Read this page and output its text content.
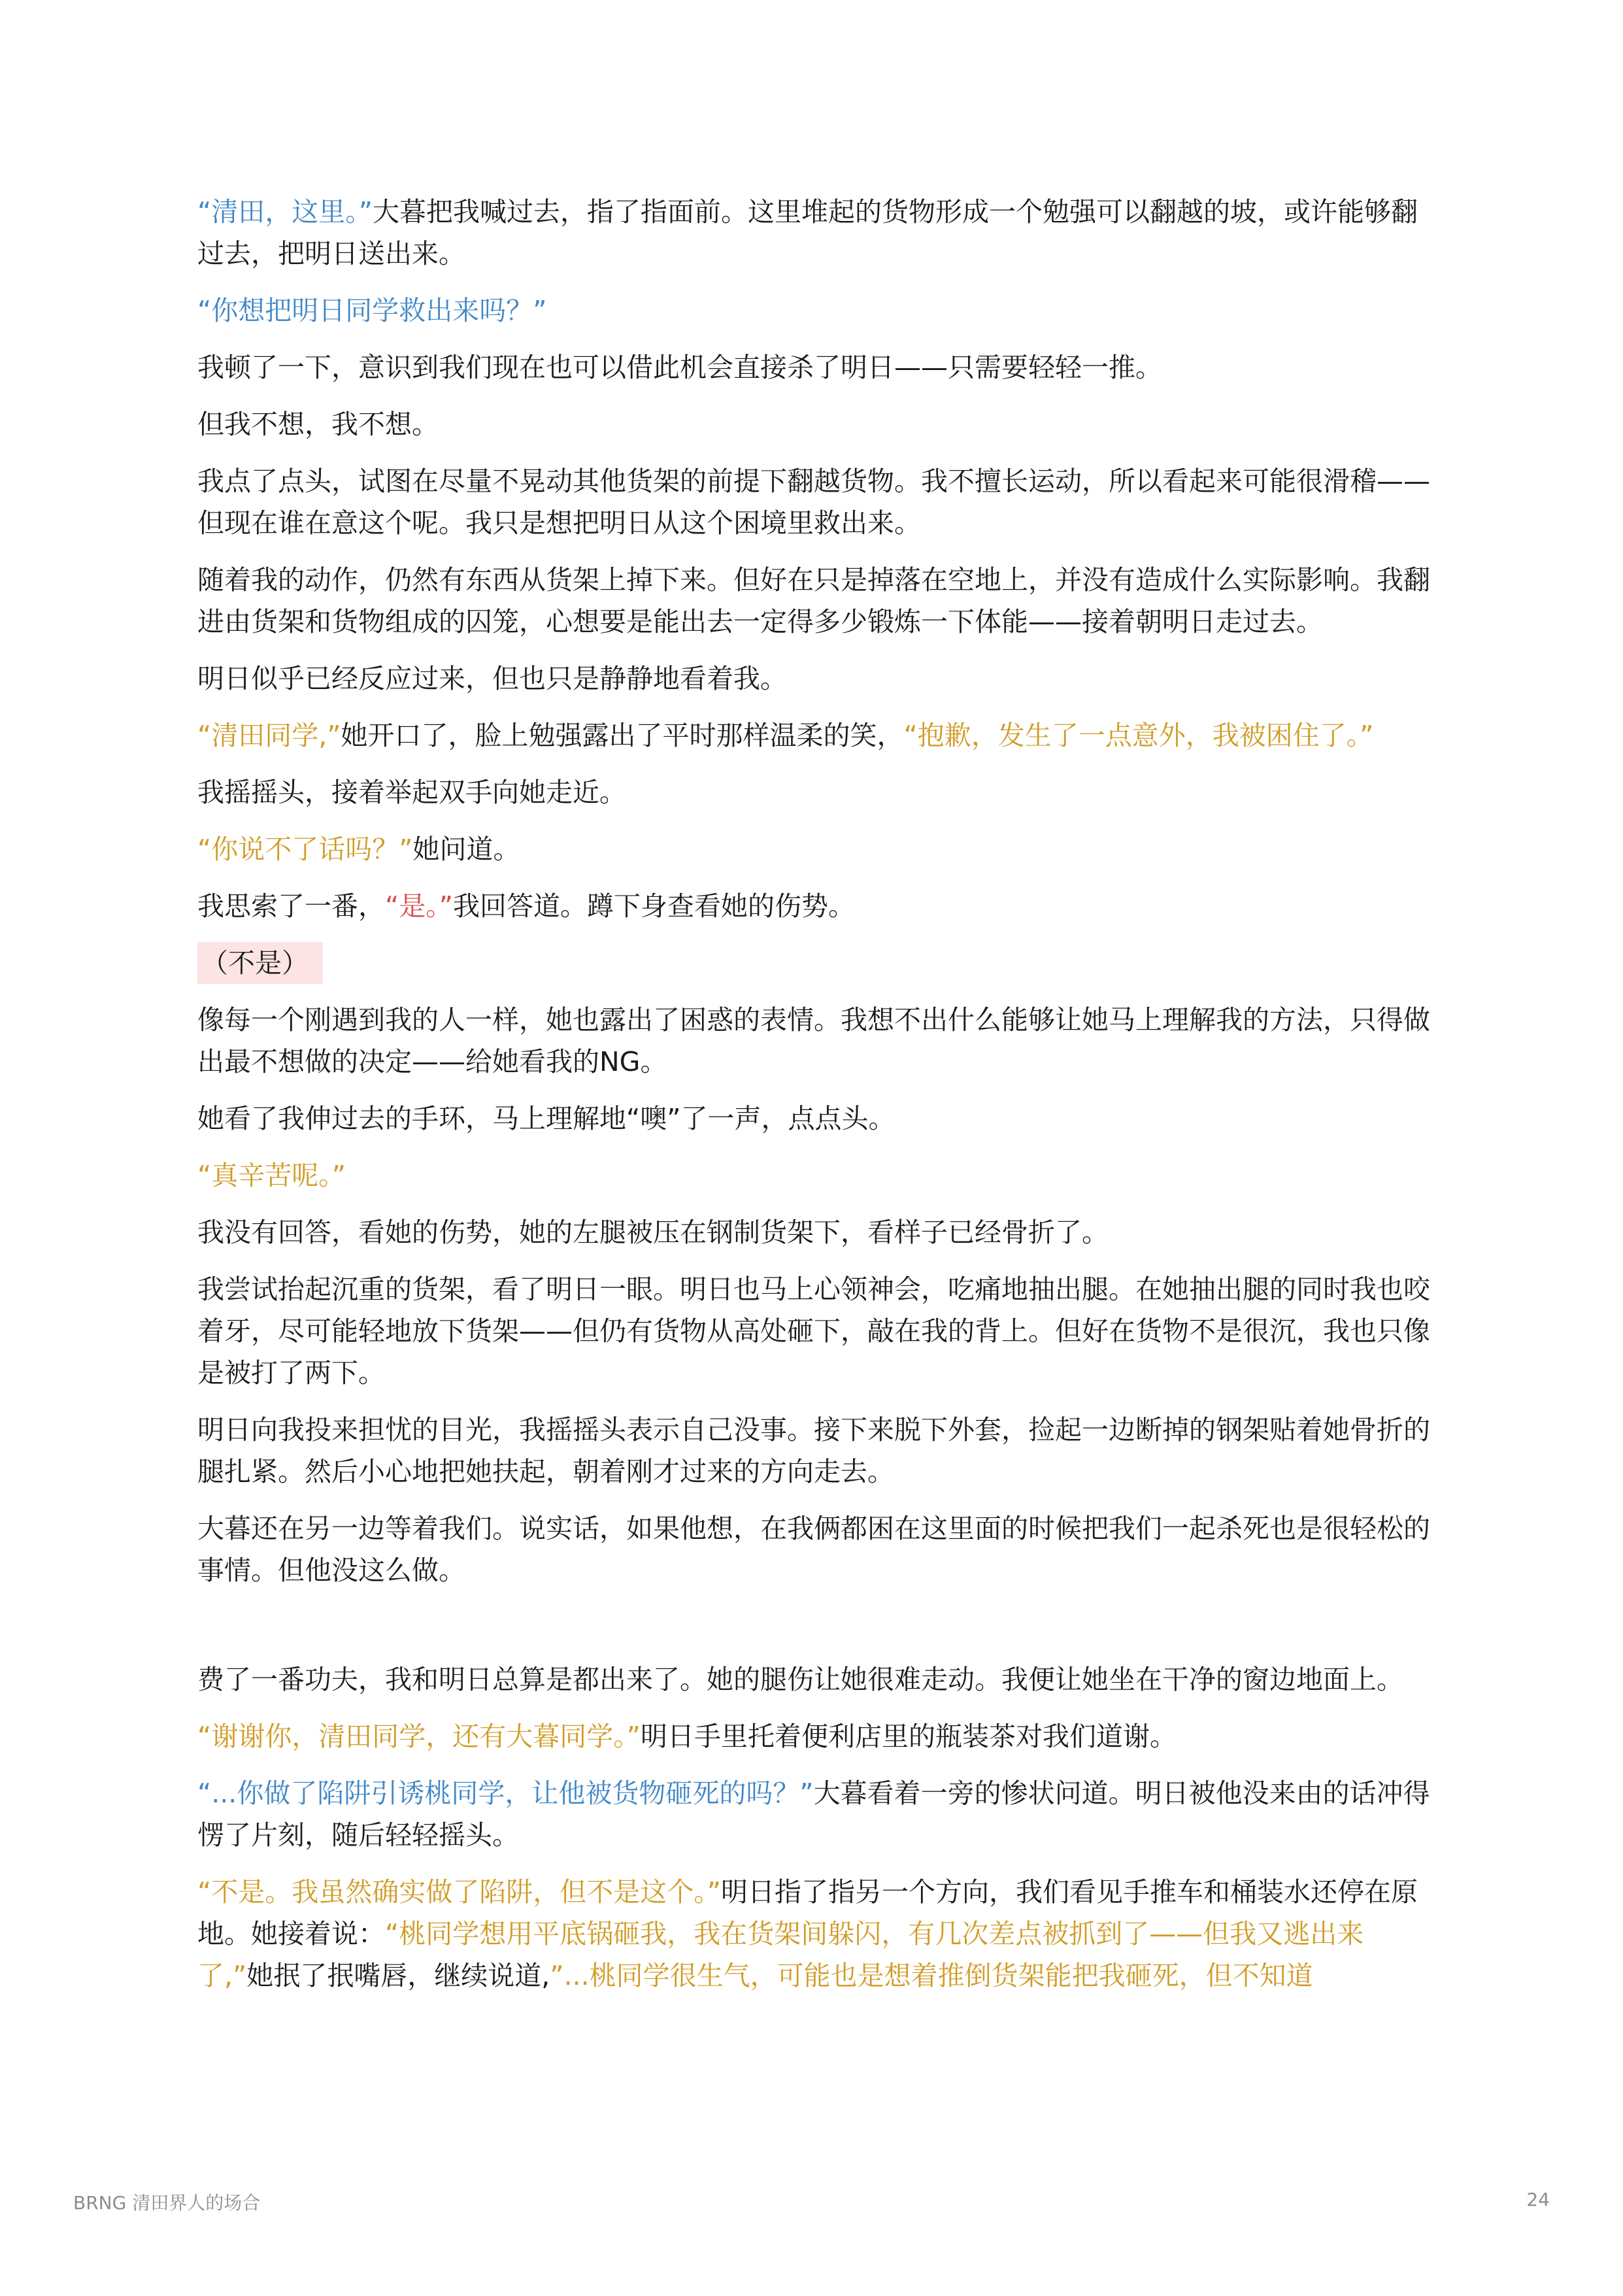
“清田，这里。”大暮把我喊过去，指了指面前。这里堆起的货物形成一个勉强可以翻越的坡，或许能够翻过去，把明日送出来。

“你想把明日同学救出来吗？”

我顿了一下，意识到我们现在也可以借此机会直接杀了明日——只需要轻轻一推。

但我不想，我不想。

我点了点头，试图在尽量不晃动其他货架的前提下翻越货物。我不擅长运动，所以看起来可能很滑稽——但现在谁在意这个呢。我只是想把明日从这个困境里救出来。

随着我的动作，仍然有东西从货架上掉下来。但好在只是掉落在空地上，并没有造成什么实际影响。我翻进由货架和货物组成的囚笼，心想要是能出去一定得多少锻炼一下体能——接着朝明日走过去。

明日似乎已经反应过来，但也只是静静地看着我。

“清田同学,”她开口了，脸上勉强露出了平时那样温柔的笑，“抱歉，发生了一点意外，我被困住了。”

我摇摇头，接着举起双手向她走近。

“你说不了话吗？”她问道。

我思索了一番，“是。”我回答道。蹲下身查看她的伤势。

（不是）

像每一个刚遇到我的人一样，她也露出了困惑的表情。我想不出什么能够让她马上理解我的方法，只得做出最不想做的决定——给她看我的NG。

她看了我伸过去的手环，马上理解地“噢”了一声，点点头。

“真辛苦呢。”

我没有回答，看她的伤势，她的左腿被压在钢制货架下，看样子已经骨折了。

我尝试抬起沉重的货架，看了明日一眼。明日也马上心领神会，吃痛地抽出腿。在她抽出腿的同时我也咬着牙，尽可能轻地放下货架——但仍有货物从高处砸下，敲在我的背上。但好在货物不是很沉，我也只像是被打了两下。

明日向我投来担忧的目光，我摇摇头表示自己没事。接下来脱下外套，捡起一边断掉的钢架贴着她骨折的腿扎紧。然后小心地把她扶起，朝着刚才过来的方向走去。

大暮还在另一边等着我们。说实话，如果他想，在我俩都困在这里面的时候把我们一起杀死也是很轻松的事情。但他没这么做。

费了一番功夫，我和明日总算是都出来了。她的腿伤让她很难走动。我便让她坐在干净的窗边地面上。

“谢谢你，清田同学，还有大暮同学。”明日手里托着便利店里的瓶装茶对我们道谢。

“...你做了陷阱引诱桃同学，让他被货物砸死的吗？”大暮看着一旁的惨状问道。明日被他没来由的话冲得愣了片刻，随后轻轻摇头。

“不是。我虽然确实做了陷阱，但不是这个。”明日指了指另一个方向，我们看见手推车和桶装水还停在原地。她接着说：“桃同学想用平底锅砸我，我在货架间躲闪，有几次差点被抓到了——但我又逃出来了,”她抿了抿嘴唇，继续说道,”...桃同学很生气，可能也是想着推倒货架能把我砸死，但不知道

BRNG 清田界人的场合	24
